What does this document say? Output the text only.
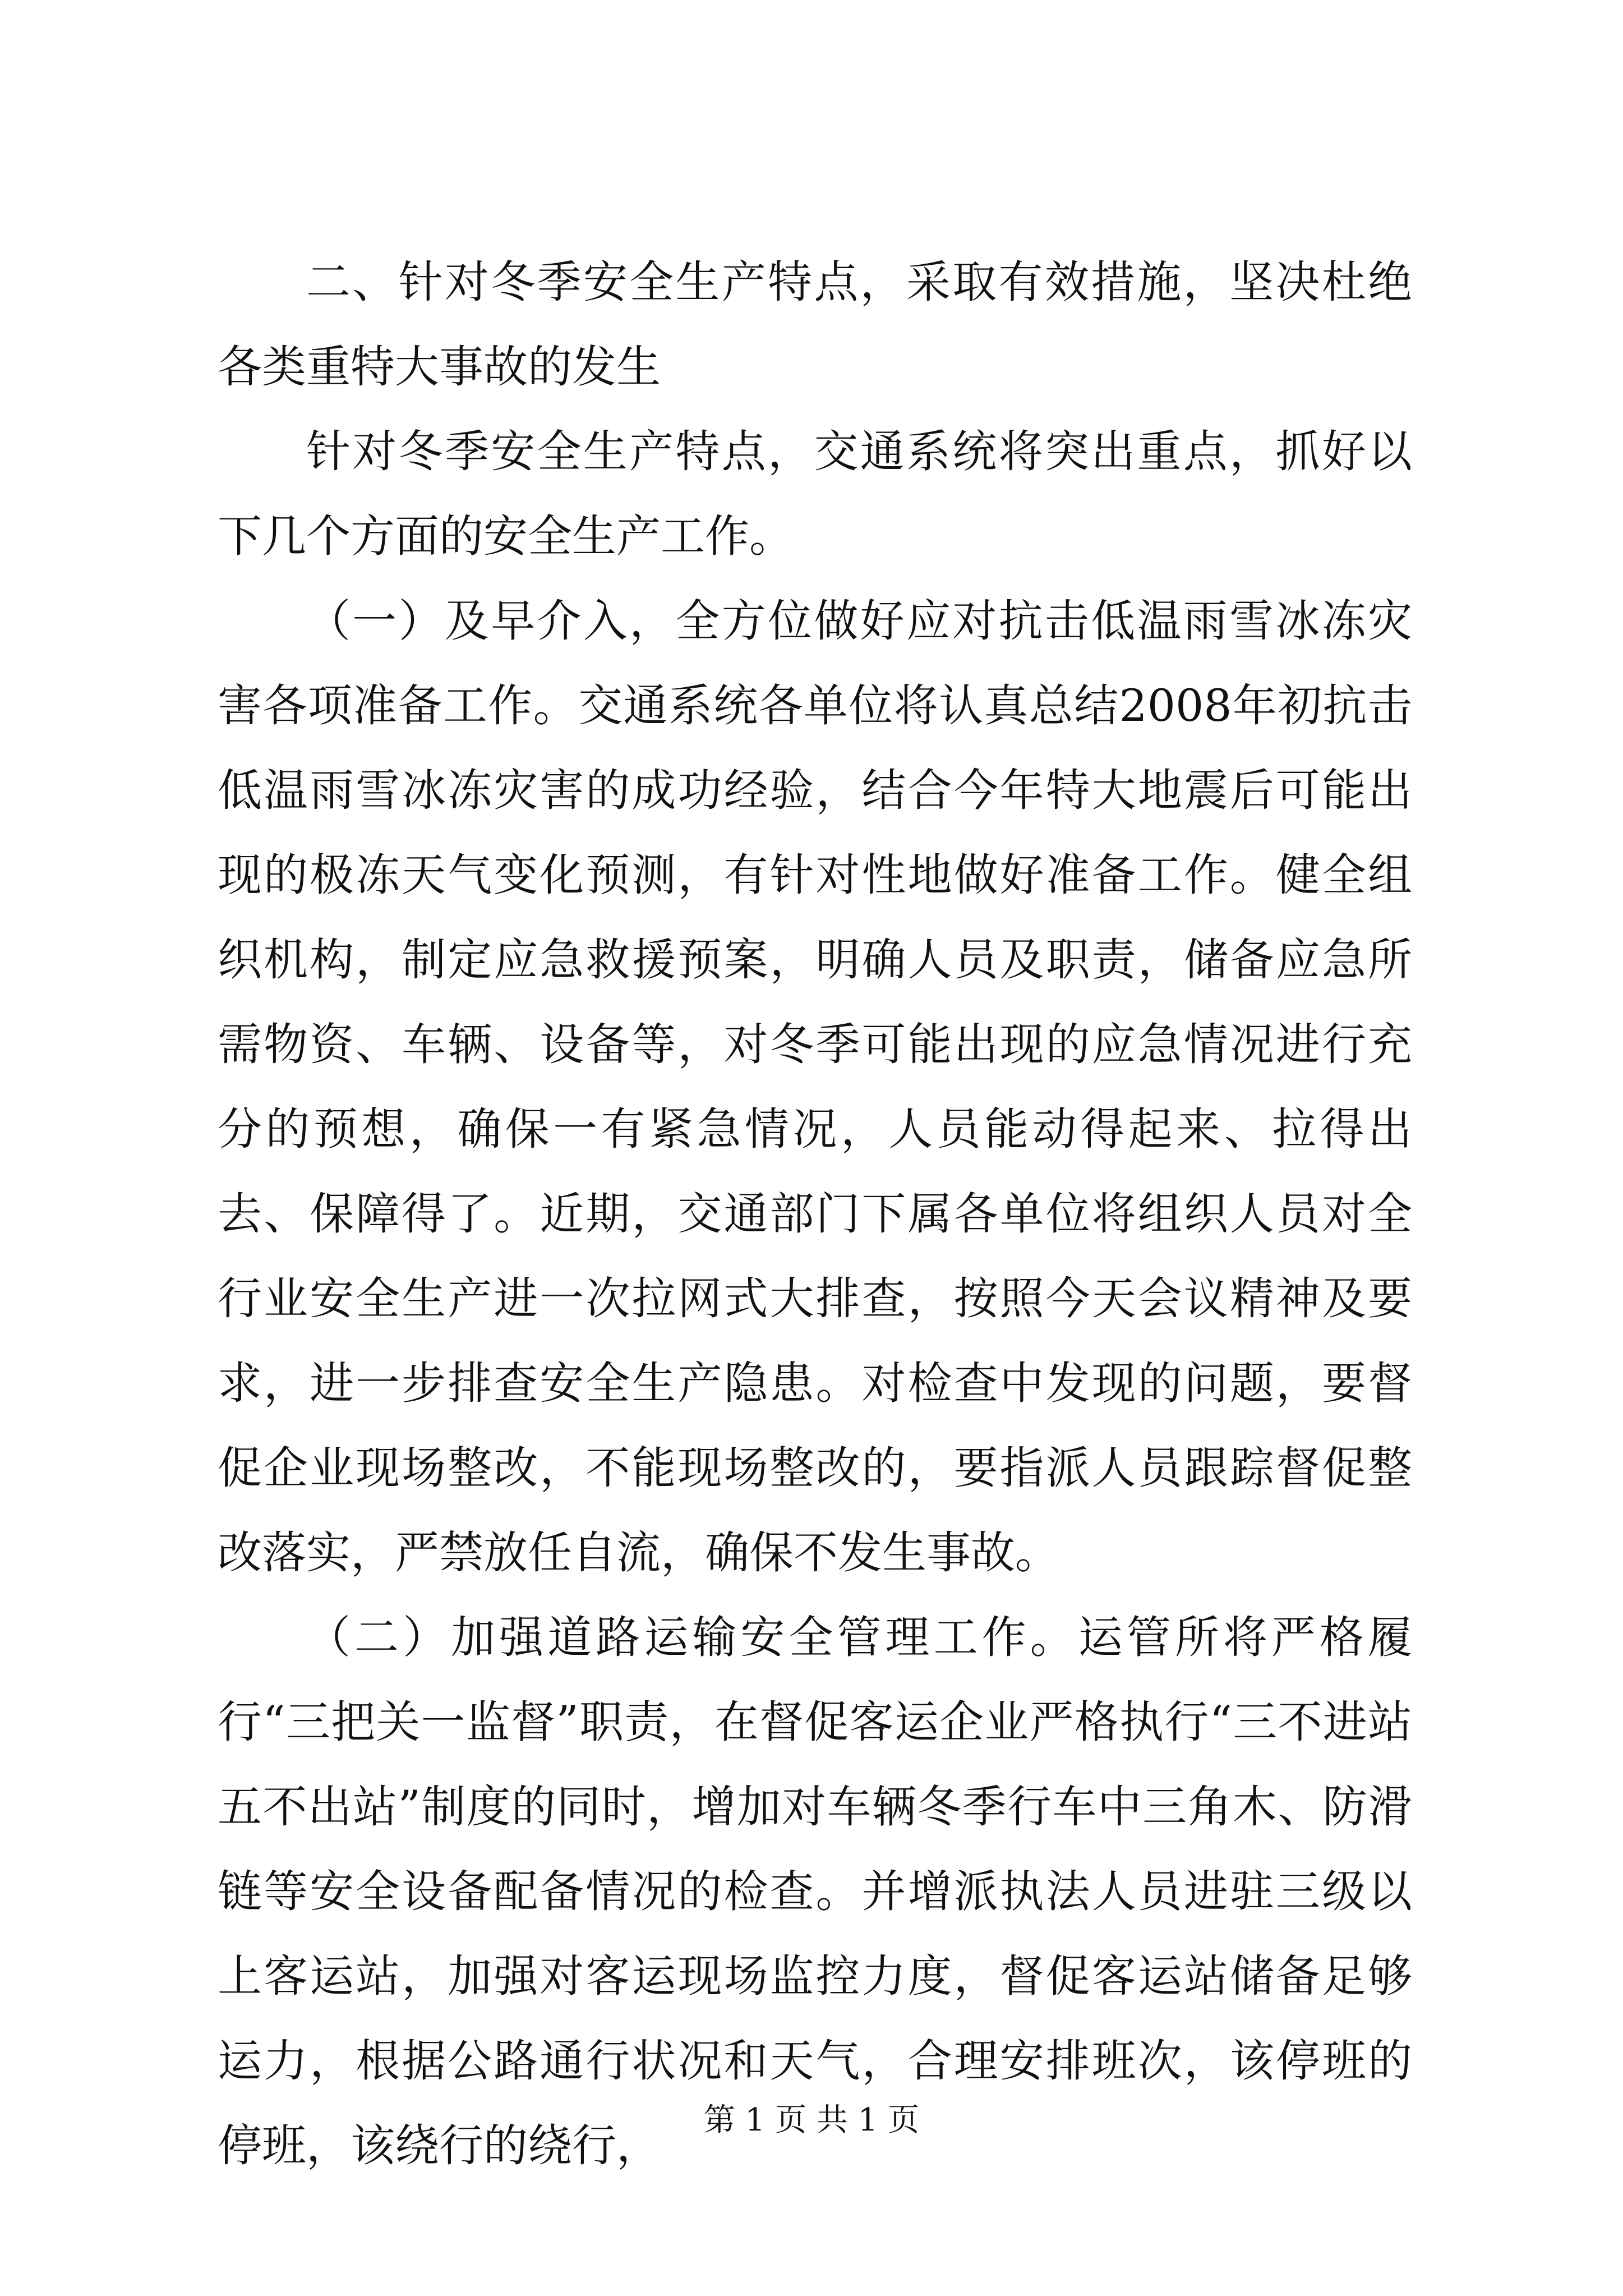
二、针对冬季安全生产特点，采取有效措施，坚决杜绝各类重特大事故的发生

针对冬季安全生产特点，交通系统将突出重点，抓好以下几个方面的安全生产工作。

（一）及早介入，全方位做好应对抗击低温雨雪冰冻灾害各项准备工作。交通系统各单位将认真总结2008年初抗击低温雨雪冰冻灾害的成功经验，结合今年特大地震后可能出现的极冻天气变化预测，有针对性地做好准备工作。健全组织机构，制定应急救援预案，明确人员及职责，储备应急所需物资、车辆、设备等，对冬季可能出现的应急情况进行充分的预想，确保一有紧急情况，人员能动得起来、拉得出去、保障得了。近期，交通部门下属各单位将组织人员对全行业安全生产进一次拉网式大排查，按照今天会议精神及要求，进一步排查安全生产隐患。对检查中发现的问题，要督促企业现场整改，不能现场整改的，要指派人员跟踪督促整改落实，严禁放任自流，确保不发生事故。

（二）加强道路运输安全管理工作。运管所将严格履行“三把关一监督”职责，在督促客运企业严格执行“三不进站五不出站”制度的同时，增加对车辆冬季行车中三角木、防滑链等安全设备配备情况的检查。并增派执法人员进驻三级以上客运站，加强对客运现场监控力度，督促客运站储备足够运力，根据公路通行状况和天气，合理安排班次，该停班的停班，该绕行的绕行，	第 1 页 共 1 页
